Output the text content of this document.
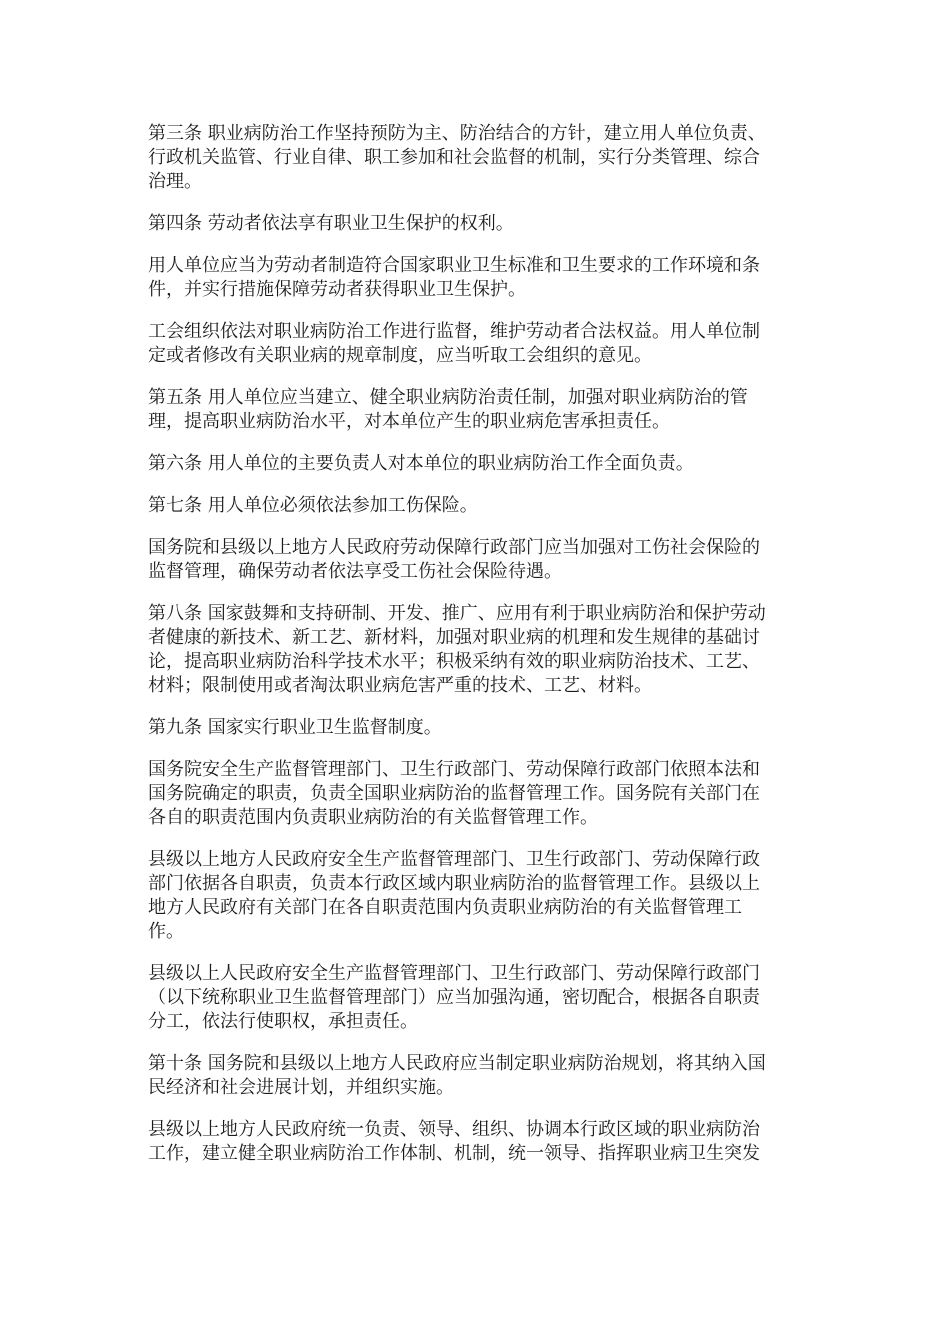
第三条 职业病防治工作坚持预防为主、防治结合的方针，建立用人单位负责、
行政机关监管、行业自律、职工参加和社会监督的机制，实行分类管理、综合
治理。
第四条 劳动者依法享有职业卫生保护的权利。
用人单位应当为劳动者制造符合国家职业卫生标准和卫生要求的工作环境和条
件，并实行措施保障劳动者获得职业卫生保护。
工会组织依法对职业病防治工作进行监督，维护劳动者合法权益。用人单位制
定或者修改有关职业病的规章制度，应当听取工会组织的意见。
第五条 用人单位应当建立、健全职业病防治责任制，加强对职业病防治的管
理，提高职业病防治水平，对本单位产生的职业病危害承担责任。
第六条 用人单位的主要负责人对本单位的职业病防治工作全面负责。
第七条 用人单位必须依法参加工伤保险。
国务院和县级以上地方人民政府劳动保障行政部门应当加强对工伤社会保险的
监督管理，确保劳动者依法享受工伤社会保险待遇。
第八条 国家鼓舞和支持研制、开发、推广、应用有利于职业病防治和保护劳动
者健康的新技术、新工艺、新材料，加强对职业病的机理和发生规律的基础讨
论，提高职业病防治科学技术水平；积极采纳有效的职业病防治技术、工艺、
材料；限制使用或者淘汰职业病危害严重的技术、工艺、材料。
第九条 国家实行职业卫生监督制度。
国务院安全生产监督管理部门、卫生行政部门、劳动保障行政部门依照本法和
国务院确定的职责，负责全国职业病防治的监督管理工作。国务院有关部门在
各自的职责范围内负责职业病防治的有关监督管理工作。
县级以上地方人民政府安全生产监督管理部门、卫生行政部门、劳动保障行政
部门依据各自职责，负责本行政区域内职业病防治的监督管理工作。县级以上
地方人民政府有关部门在各自职责范围内负责职业病防治的有关监督管理工
作。
县级以上人民政府安全生产监督管理部门、卫生行政部门、劳动保障行政部门
（以下统称职业卫生监督管理部门）应当加强沟通，密切配合，根据各自职责
分工，依法行使职权，承担责任。
第十条 国务院和县级以上地方人民政府应当制定职业病防治规划，将其纳入国
民经济和社会进展计划，并组织实施。
县级以上地方人民政府统一负责、领导、组织、协调本行政区域的职业病防治
工作，建立健全职业病防治工作体制、机制，统一领导、指挥职业病卫生突发
